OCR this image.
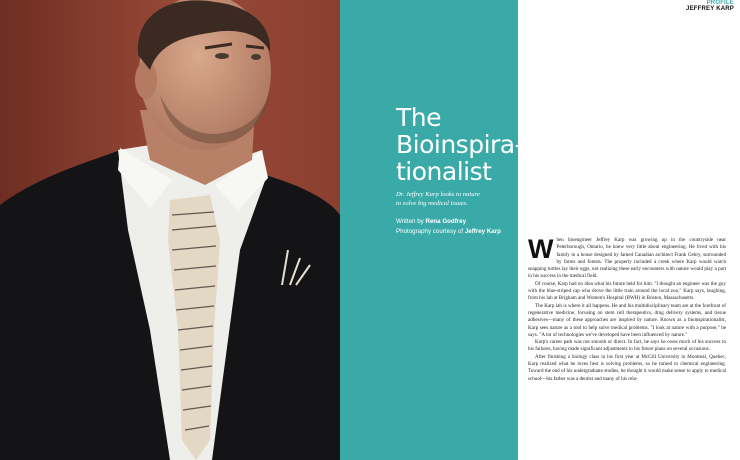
The
Bioinspira-
tionalist

Dr. Jeffrey Karp looks to nature
to solve big medical issues.

Written by Rena Godfrey
Photography courtesy of Jeffrey Karp

PROFILE
JEFFREY KARP

When bioengineer Jeffrey Karp was growing up in the countryside near Peterborough, Ontario, he knew very little about engineering. He lived with his family in a house designed by famed Canadian architect Frank Gehry, surrounded by farms and forests. The property included a creek where Karp would watch snapping turtles lay their eggs, not realizing these early encounters with nature would play a part in his success in the medical field.

Of course, Karp had no idea what his future held for him. "I thought an engineer was the guy with the blue-striped cap who drove the little train around the local zoo," Karp says, laughing, from his lab at Brigham and Women's Hospital (BWH) in Boston, Massachusetts.

The Karp lab is where it all happens. He and his multidisciplinary team are at the forefront of regenerative medicine, focusing on stem cell therapeutics, drug delivery systems, and tissue adhesives—many of these approaches are inspired by nature. Known as a bioinspirationalist, Karp sees nature as a tool to help solve medical problems. "I look at nature with a purpose," he says. "A lot of technologies we've developed have been influenced by nature."

Karp's career path was not smooth or direct. In fact, he says he owes much of his success to his failures, having made significant adjustments to his future plans on several occasions.

After finishing a biology class in his first year at McGill University in Montreal, Quebec, Karp realized what he loves best is solving problems, so he turned to chemical engineering. Toward the end of his undergraduate studies, he thought it would make sense to apply to medical school—his father was a dentist and many of his rela-
